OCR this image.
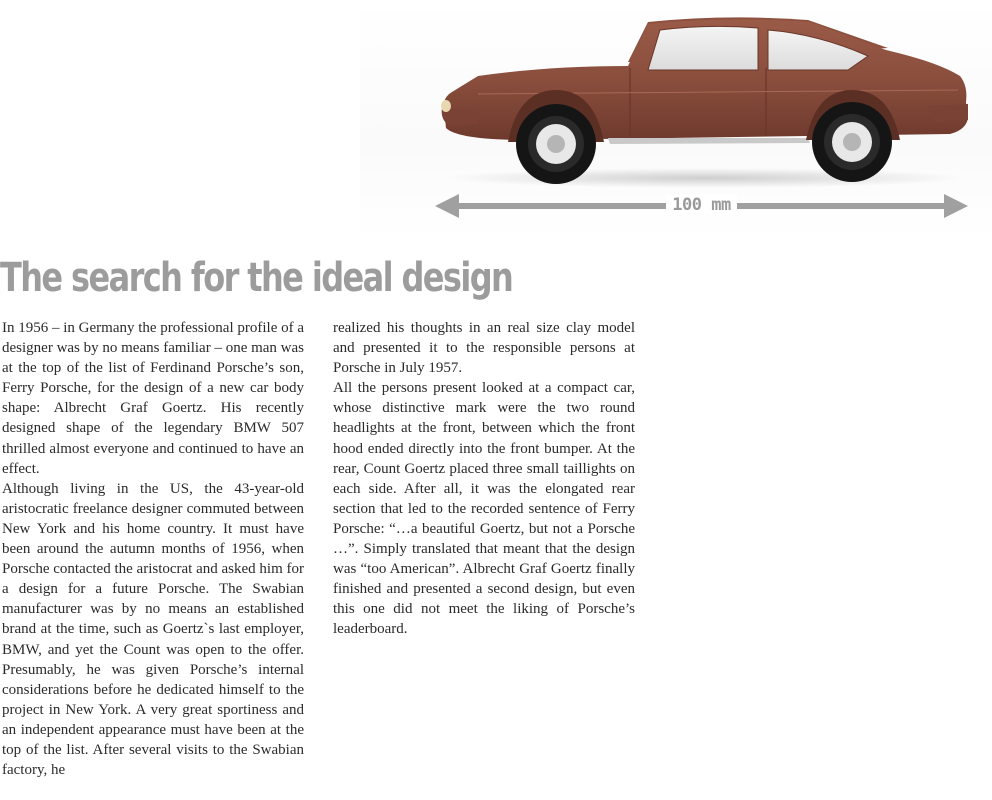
100 mm
The search for the ideal design

In 1956 – in Germany the professional profile of a designer was by no means familiar – one man was at the top of the list of Ferdinand Porsche’s son, Ferry Porsche, for the design of a new car body shape: Albrecht Graf Goertz. His recently designed shape of the legendary BMW 507 thrilled almost everyone and continued to have an effect.

Although living in the US, the 43-year-old aristocratic freelance designer commuted between New York and his home country. It must have been around the autumn months of 1956, when Porsche contacted the aristocrat and asked him for a design for a future Porsche. The Swabian manufacturer was by no means an established brand at the time, such as Goertz`s last employer, BMW, and yet the Count was open to the offer. Presumably, he was given Porsche’s internal considerations before he dedicated himself to the project in New York. A very great sportiness and an independent appearance must have been at the top of the list. After several visits to the Swabian factory, he

realized his thoughts in an real size clay model and presented it to the responsible persons at Porsche in July 1957.

All the persons present looked at a compact car, whose distinctive mark were the two round headlights at the front, between which the front hood ended directly into the front bumper. At the rear, Count Goertz placed three small taillights on each side. After all, it was the elongated rear section that led to the recorded sentence of Ferry Porsche: “…a beautiful Goertz, but not a Porsche …”. Simply translated that meant that the design was “too American”. Albrecht Graf Goertz finally finished and presented a second design, but even this one did not meet the liking of Porsche’s leaderboard.
